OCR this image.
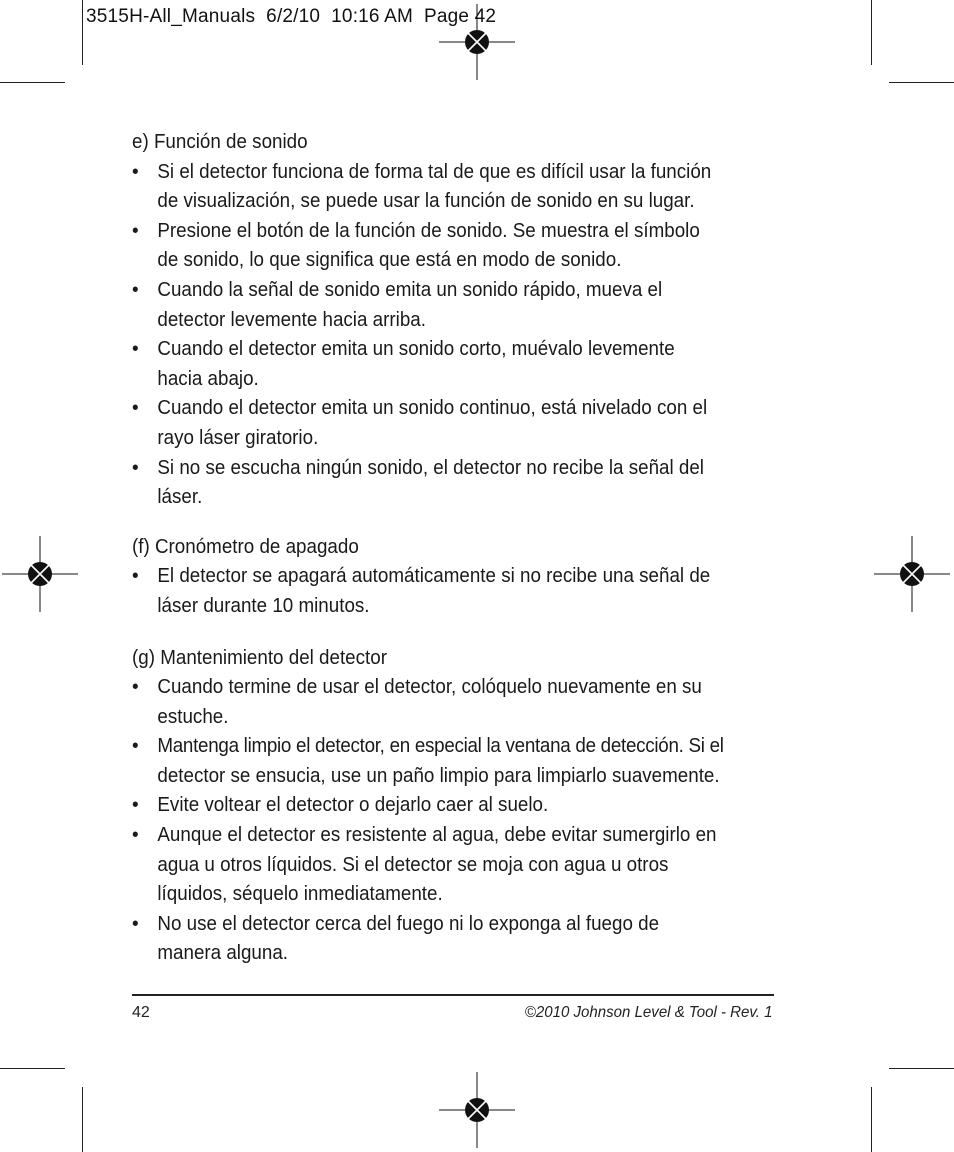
3515H-All_Manuals  6/2/10  10:16 AM  Page 42

e) Función de sonido

• Si el detector funciona de forma tal de que es difícil usar la función
de visualización, se puede usar la función de sonido en su lugar.
• Presione el botón de la función de sonido. Se muestra el símbolo
de sonido, lo que significa que está en modo de sonido.
• Cuando la señal de sonido emita un sonido rápido, mueva el
detector levemente hacia arriba.
• Cuando el detector emita un sonido corto, muévalo levemente
hacia abajo.
• Cuando el detector emita un sonido continuo, está nivelado con el
rayo láser giratorio.
• Si no se escucha ningún sonido, el detector no recibe la señal del
láser.

(f) Cronómetro de apagado

• El detector se apagará automáticamente si no recibe una señal de
láser durante 10 minutos.

(g) Mantenimiento del detector

• Cuando termine de usar el detector, colóquelo nuevamente en su
estuche.
• Mantenga limpio el detector, en especial la ventana de detección. Si el
detector se ensucia, use un paño limpio para limpiarlo suavemente.
• Evite voltear el detector o dejarlo caer al suelo.
• Aunque el detector es resistente al agua, debe evitar sumergirlo en
agua u otros líquidos. Si el detector se moja con agua u otros
líquidos, séquelo inmediatamente.
• No use el detector cerca del fuego ni lo exponga al fuego de
manera alguna.
42	©2010 Johnson Level & Tool - Rev. 1
